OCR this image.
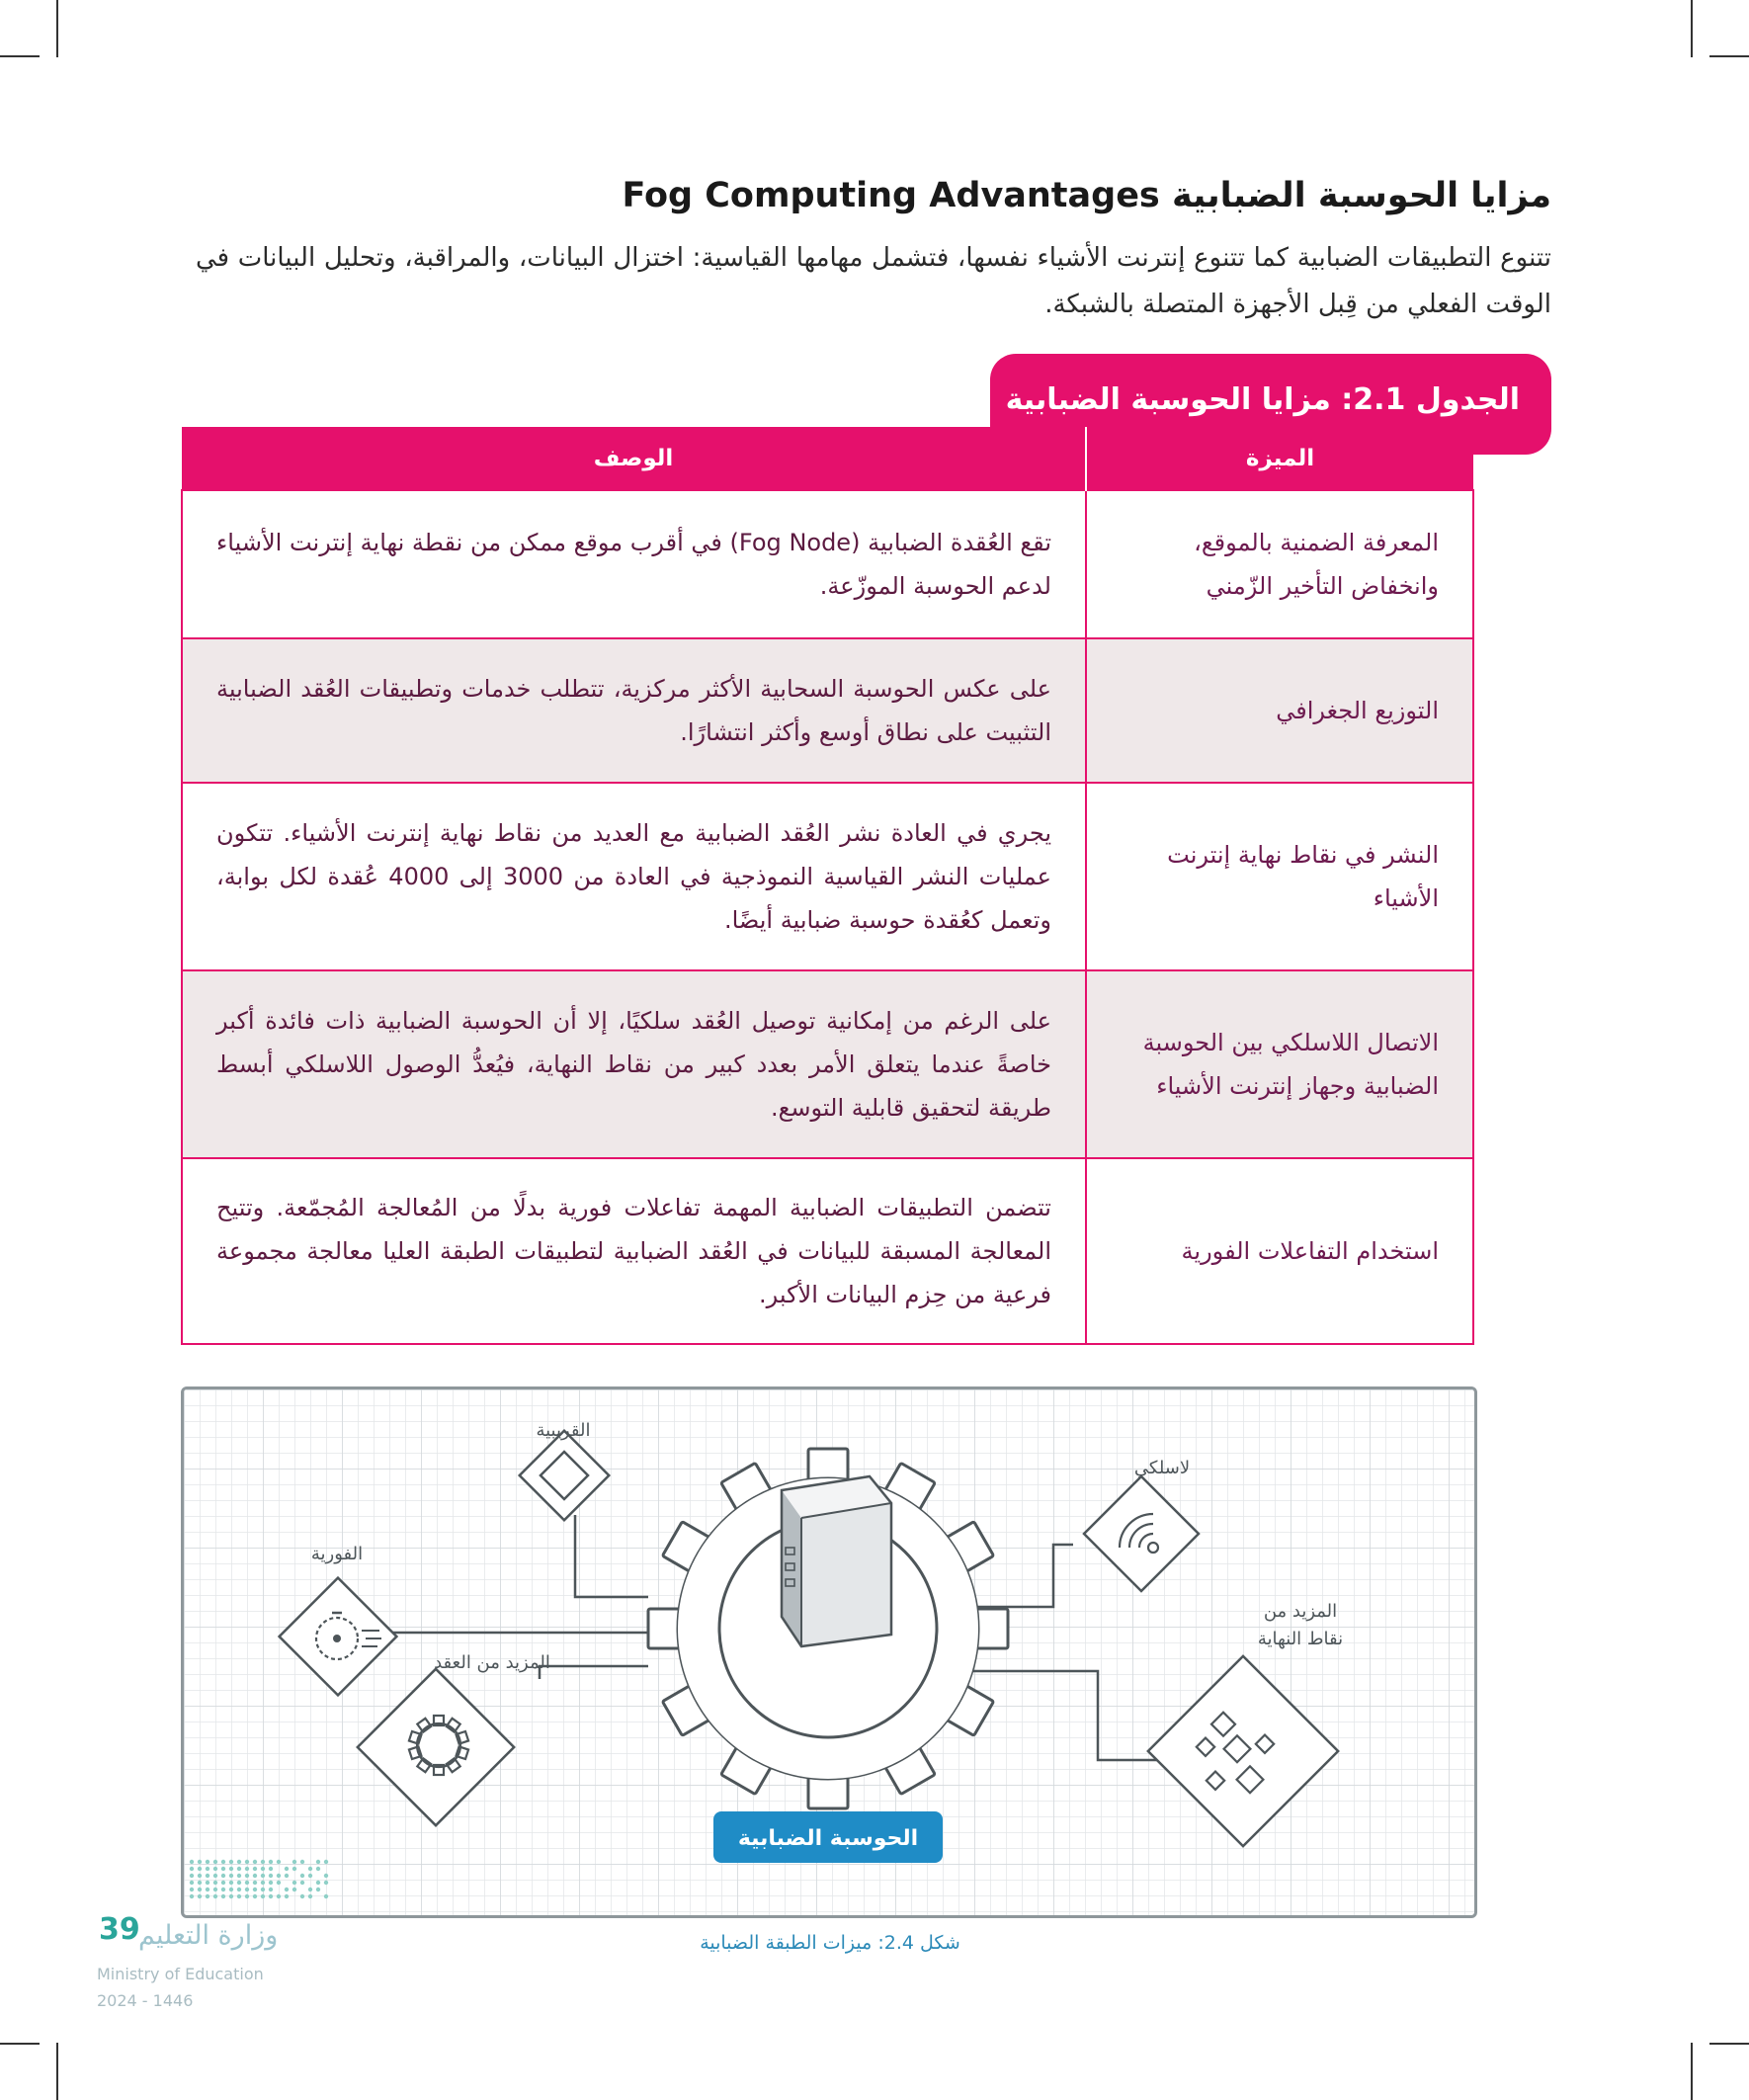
مزايا الحوسبة الضبابية Fog Computing Advantages
تتنوع التطبيقات الضبابية كما تتنوع إنترنت الأشياء نفسها، فتشمل مهامها القياسية: اختزال البيانات، والمراقبة، وتحليل البيانات في الوقت الفعلي من قِبل الأجهزة المتصلة بالشبكة.
الجدول 2.1: مزايا الحوسبة الضبابية
الميزة	الوصف
المعرفة الضمنية بالموقع، وانخفاض التأخير الزّمني	تقع العُقدة الضبابية (Fog Node) في أقرب موقع ممكن من نقطة نهاية إنترنت الأشياء لدعم الحوسبة الموزّعة.
التوزيع الجغرافي	على عكس الحوسبة السحابية الأكثر مركزية، تتطلب خدمات وتطبيقات العُقد الضبابية التثبيت على نطاق أوسع وأكثر انتشارًا.
النشر في نقاط نهاية إنترنت الأشياء	يجري في العادة نشر العُقد الضبابية مع العديد من نقاط نهاية إنترنت الأشياء. تتكون عمليات النشر القياسية النموذجية في العادة من 3000 إلى 4000 عُقدة لكل بوابة، وتعمل كعُقدة حوسبة ضبابية أيضًا.
الاتصال اللاسلكي بين الحوسبة الضبابية وجهاز إنترنت الأشياء	على الرغم من إمكانية توصيل العُقد سلكيًا، إلا أن الحوسبة الضبابية ذات فائدة أكبر خاصةً عندما يتعلق الأمر بعدد كبير من نقاط النهاية، فيُعدُّ الوصول اللاسلكي أبسط طريقة لتحقيق قابلية التوسع.
استخدام التفاعلات الفورية	تتضمن التطبيقات الضبابية المهمة تفاعلات فورية بدلًا من المُعالجة المُجمّعة. وتتيح المعالجة المسبقة للبيانات في العُقد الضبابية لتطبيقات الطبقة العليا معالجة مجموعة فرعية من حِزم البيانات الأكبر.
القريبية
الفورية
المزيد من العقد
لاسلكي
المزيد من
نقاط النهاية
الحوسبة الضبابية
شكل 2.4: ميزات الطبقة الضبابية
39
وزارة التعليم
Ministry of Education
2024 - 1446
